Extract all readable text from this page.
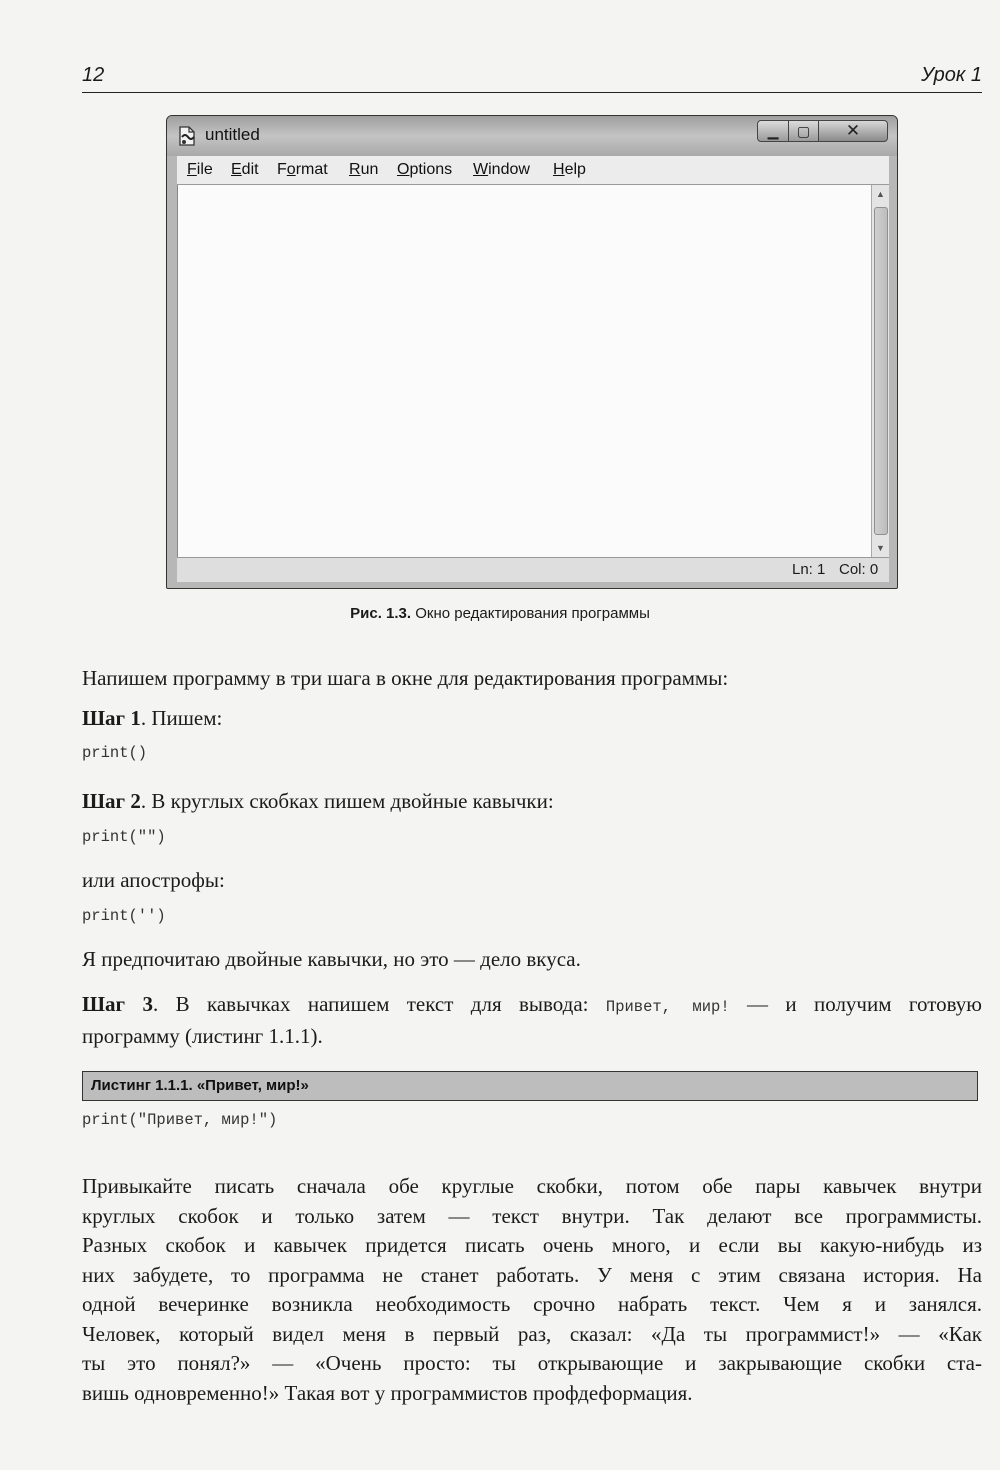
12	Урок 1
untitled	▁ ▢ ✕
File Edit Format Run Options Window Help
▲
▼
Ln: 1 Col: 0
Рис. 1.3. Окно редактирования программы

Напишем программу в три шага в окне для редактирования программы:

Шаг 1. Пишем:

print()

Шаг 2. В круглых скобках пишем двойные кавычки:

print("")

или апострофы:

print('')

Я предпочитаю двойные кавычки, но это — дело вкуса.

Шаг 3. В кавычках напишем текст для вывода: Привет, мир! — и получим готовую
программу (листинг 1.1.1).

Листинг 1.1.1. «Привет, мир!»
print("Привет, мир!")

Привыкайте писать сначала обе круглые скобки, потом обе пары кавычек внутри
круглых скобок и только затем — текст внутри. Так делают все программисты.
Разных скобок и кавычек придется писать очень много, и если вы какую-нибудь из
них забудете, то программа не станет работать. У меня с этим связана история. На
одной вечеринке возникла необходимость срочно набрать текст. Чем я и занялся.
Человек, который видел меня в первый раз, сказал: «Да ты программист!» — «Как
ты это понял?» — «Очень просто: ты открывающие и закрывающие скобки ста-
вишь одновременно!» Такая вот у программистов профдеформация.
